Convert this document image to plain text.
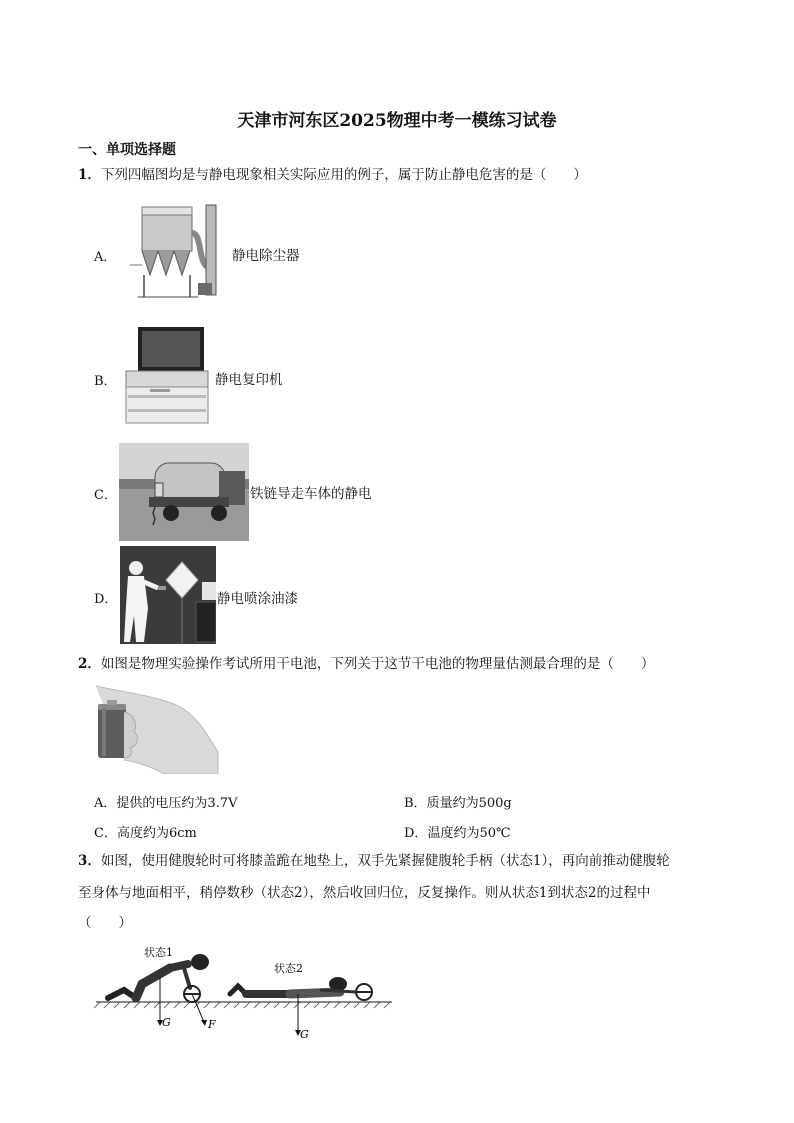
天津市河东区2025物理中考一模练习试卷
一、单项选择题
1．下列四幅图均是与静电现象相关实际应用的例子，属于防止静电危害的是（　　）
A．	静电除尘器
B．	静电复印机
C．	铁链导走车体的静电
D．	静电喷涂油漆
2．如图是物理实验操作考试所用干电池，下列关于这节干电池的物理量估测最合理的是（　　）
A．提供的电压约为3.7V	B．质量约为500g
C．高度约为6cm	D．温度约为50℃
3．如图，使用健腹轮时可将膝盖跪在地垫上，双手先紧握健腹轮手柄（状态1），再向前推动健腹轮
至身体与地面相平，稍停数秒（状态2），然后收回归位，反复操作。则从状态1到状态2的过程中
（　　）
状态1
状态2
G	F
G
